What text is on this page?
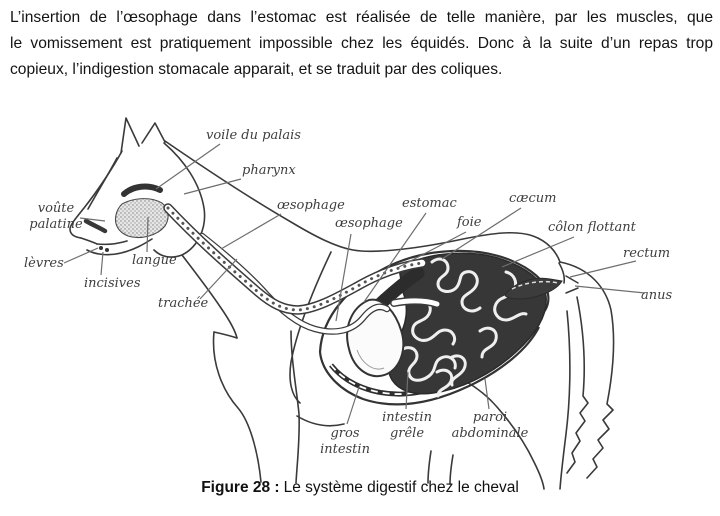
L’insertion de l’œsophage dans l’estomac est réalisée de telle manière, par les muscles, que
le vomissement est pratiquement impossible chez les équidés. Donc à la suite d’un repas trop
copieux, l’indigestion stomacale apparait, et se traduit par des coliques.

voile du palais
pharynx
œsophage
œsophage
voûte palatine
lèvres
incisives
langue
trachée
estomac
foie
cæcum
côlon flottant
rectum
anus
gros intestin
intestin grêle
paroi abdominale
Figure 28 : Le système digestif chez le cheval
